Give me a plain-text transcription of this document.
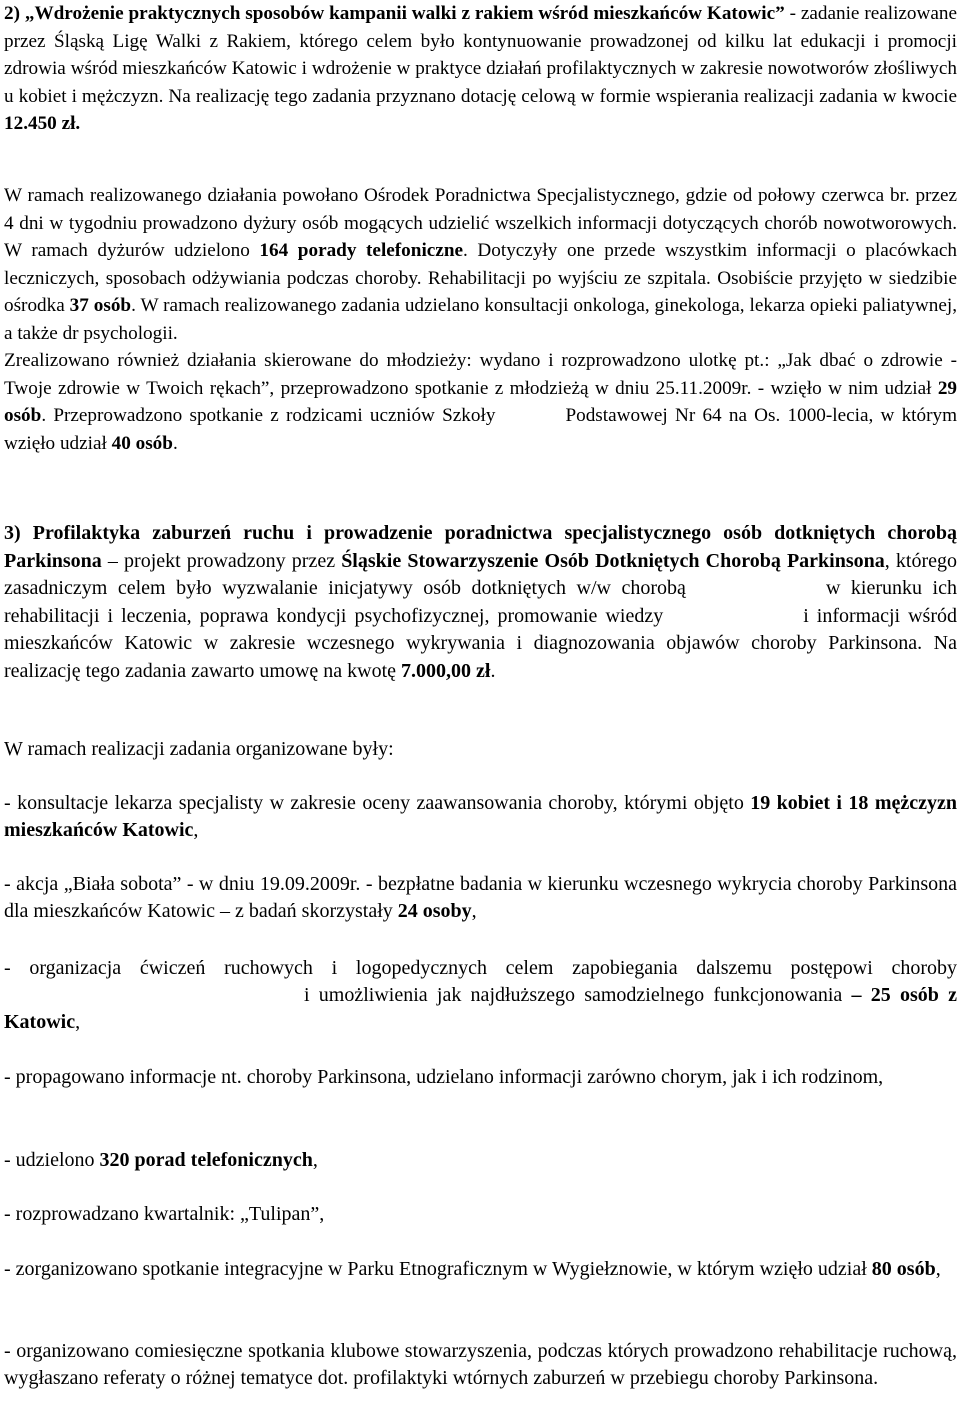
2) „Wdrożenie praktycznych sposobów kampanii walki z rakiem wśród mieszkańców Katowic” - zadanie realizowane przez Śląską Ligę Walki z Rakiem, którego celem było kontynuowanie prowadzonej od kilku lat edukacji i promocji zdrowia wśród mieszkańców Katowic i wdrożenie w praktyce działań profilaktycznych w zakresie nowotworów złośliwych u kobiet i mężczyzn. Na realizację tego zadania przyznano dotację celową w formie wspierania realizacji zadania w kwocie 12.450 zł.

W ramach realizowanego działania powołano Ośrodek Poradnictwa Specjalistycznego, gdzie od połowy czerwca br. przez 4 dni w tygodniu prowadzono dyżury osób mogących udzielić wszelkich informacji dotyczących chorób nowotworowych. W ramach dyżurów udzielono 164 porady telefoniczne. Dotyczyły one przede wszystkim informacji o placówkach leczniczych, sposobach odżywiania podczas choroby. Rehabilitacji po wyjściu ze szpitala. Osobiście przyjęto w siedzibie ośrodka 37 osób. W ramach realizowanego zadania udzielano konsultacji onkologa, ginekologa, lekarza opieki paliatywnej, a także dr psychologii.
Zrealizowano również działania skierowane do młodzieży: wydano i rozprowadzono ulotkę pt.: „Jak dbać o zdrowie - Twoje zdrowie w Twoich rękach”, przeprowadzono spotkanie z młodzieżą w dniu 25.11.2009r. - wzięło w nim udział 29 osób. Przeprowadzono spotkanie z rodzicami uczniów Szkoły	Podstawowej Nr 64 na Os. 1000-lecia, w którym wzięło udział 40 osób.

3) Profilaktyka zaburzeń ruchu i prowadzenie poradnictwa specjalistycznego osób dotkniętych chorobą Parkinsona – projekt prowadzony przez Śląskie Stowarzyszenie Osób Dotkniętych Chorobą Parkinsona, którego zasadniczym celem było wyzwalanie inicjatywy osób dotkniętych w/w chorobą	w kierunku ich rehabilitacji i leczenia, poprawa kondycji psychofizycznej, promowanie wiedzy	i informacji wśród mieszkańców Katowic w zakresie wczesnego wykrywania i diagnozowania objawów choroby Parkinsona. Na realizację tego zadania zawarto umowę na kwotę 7.000,00 zł.

W ramach realizacji zadania organizowane były:

- konsultacje lekarza specjalisty w zakresie oceny zaawansowania choroby, którymi objęto 19 kobiet i 18 mężczyzn mieszkańców Katowic,

- akcja „Biała sobota” - w dniu 19.09.2009r. - bezpłatne badania w kierunku wczesnego wykrycia choroby Parkinsona dla mieszkańców Katowic – z badań skorzystały 24 osoby,

- organizacja ćwiczeń ruchowych i logopedycznych celem zapobiegania dalszemu postępowi chorobyi umożliwienia jak najdłuższego samodzielnego funkcjonowania – 25 osób z Katowic,

- propagowano informacje nt. choroby Parkinsona, udzielano informacji zarówno chorym, jak i ich rodzinom,

- udzielono 320 porad telefonicznych,

- rozprowadzano kwartalnik: „Tulipan”,

- zorganizowano spotkanie integracyjne w Parku Etnograficznym w Wygiełznowie, w którym wzięło udział 80 osób,

- organizowano comiesięczne spotkania klubowe stowarzyszenia, podczas których prowadzono rehabilitacje ruchową, wygłaszano referaty o różnej tematyce dot. profilaktyki wtórnych zaburzeń w przebiegu choroby Parkinsona.
